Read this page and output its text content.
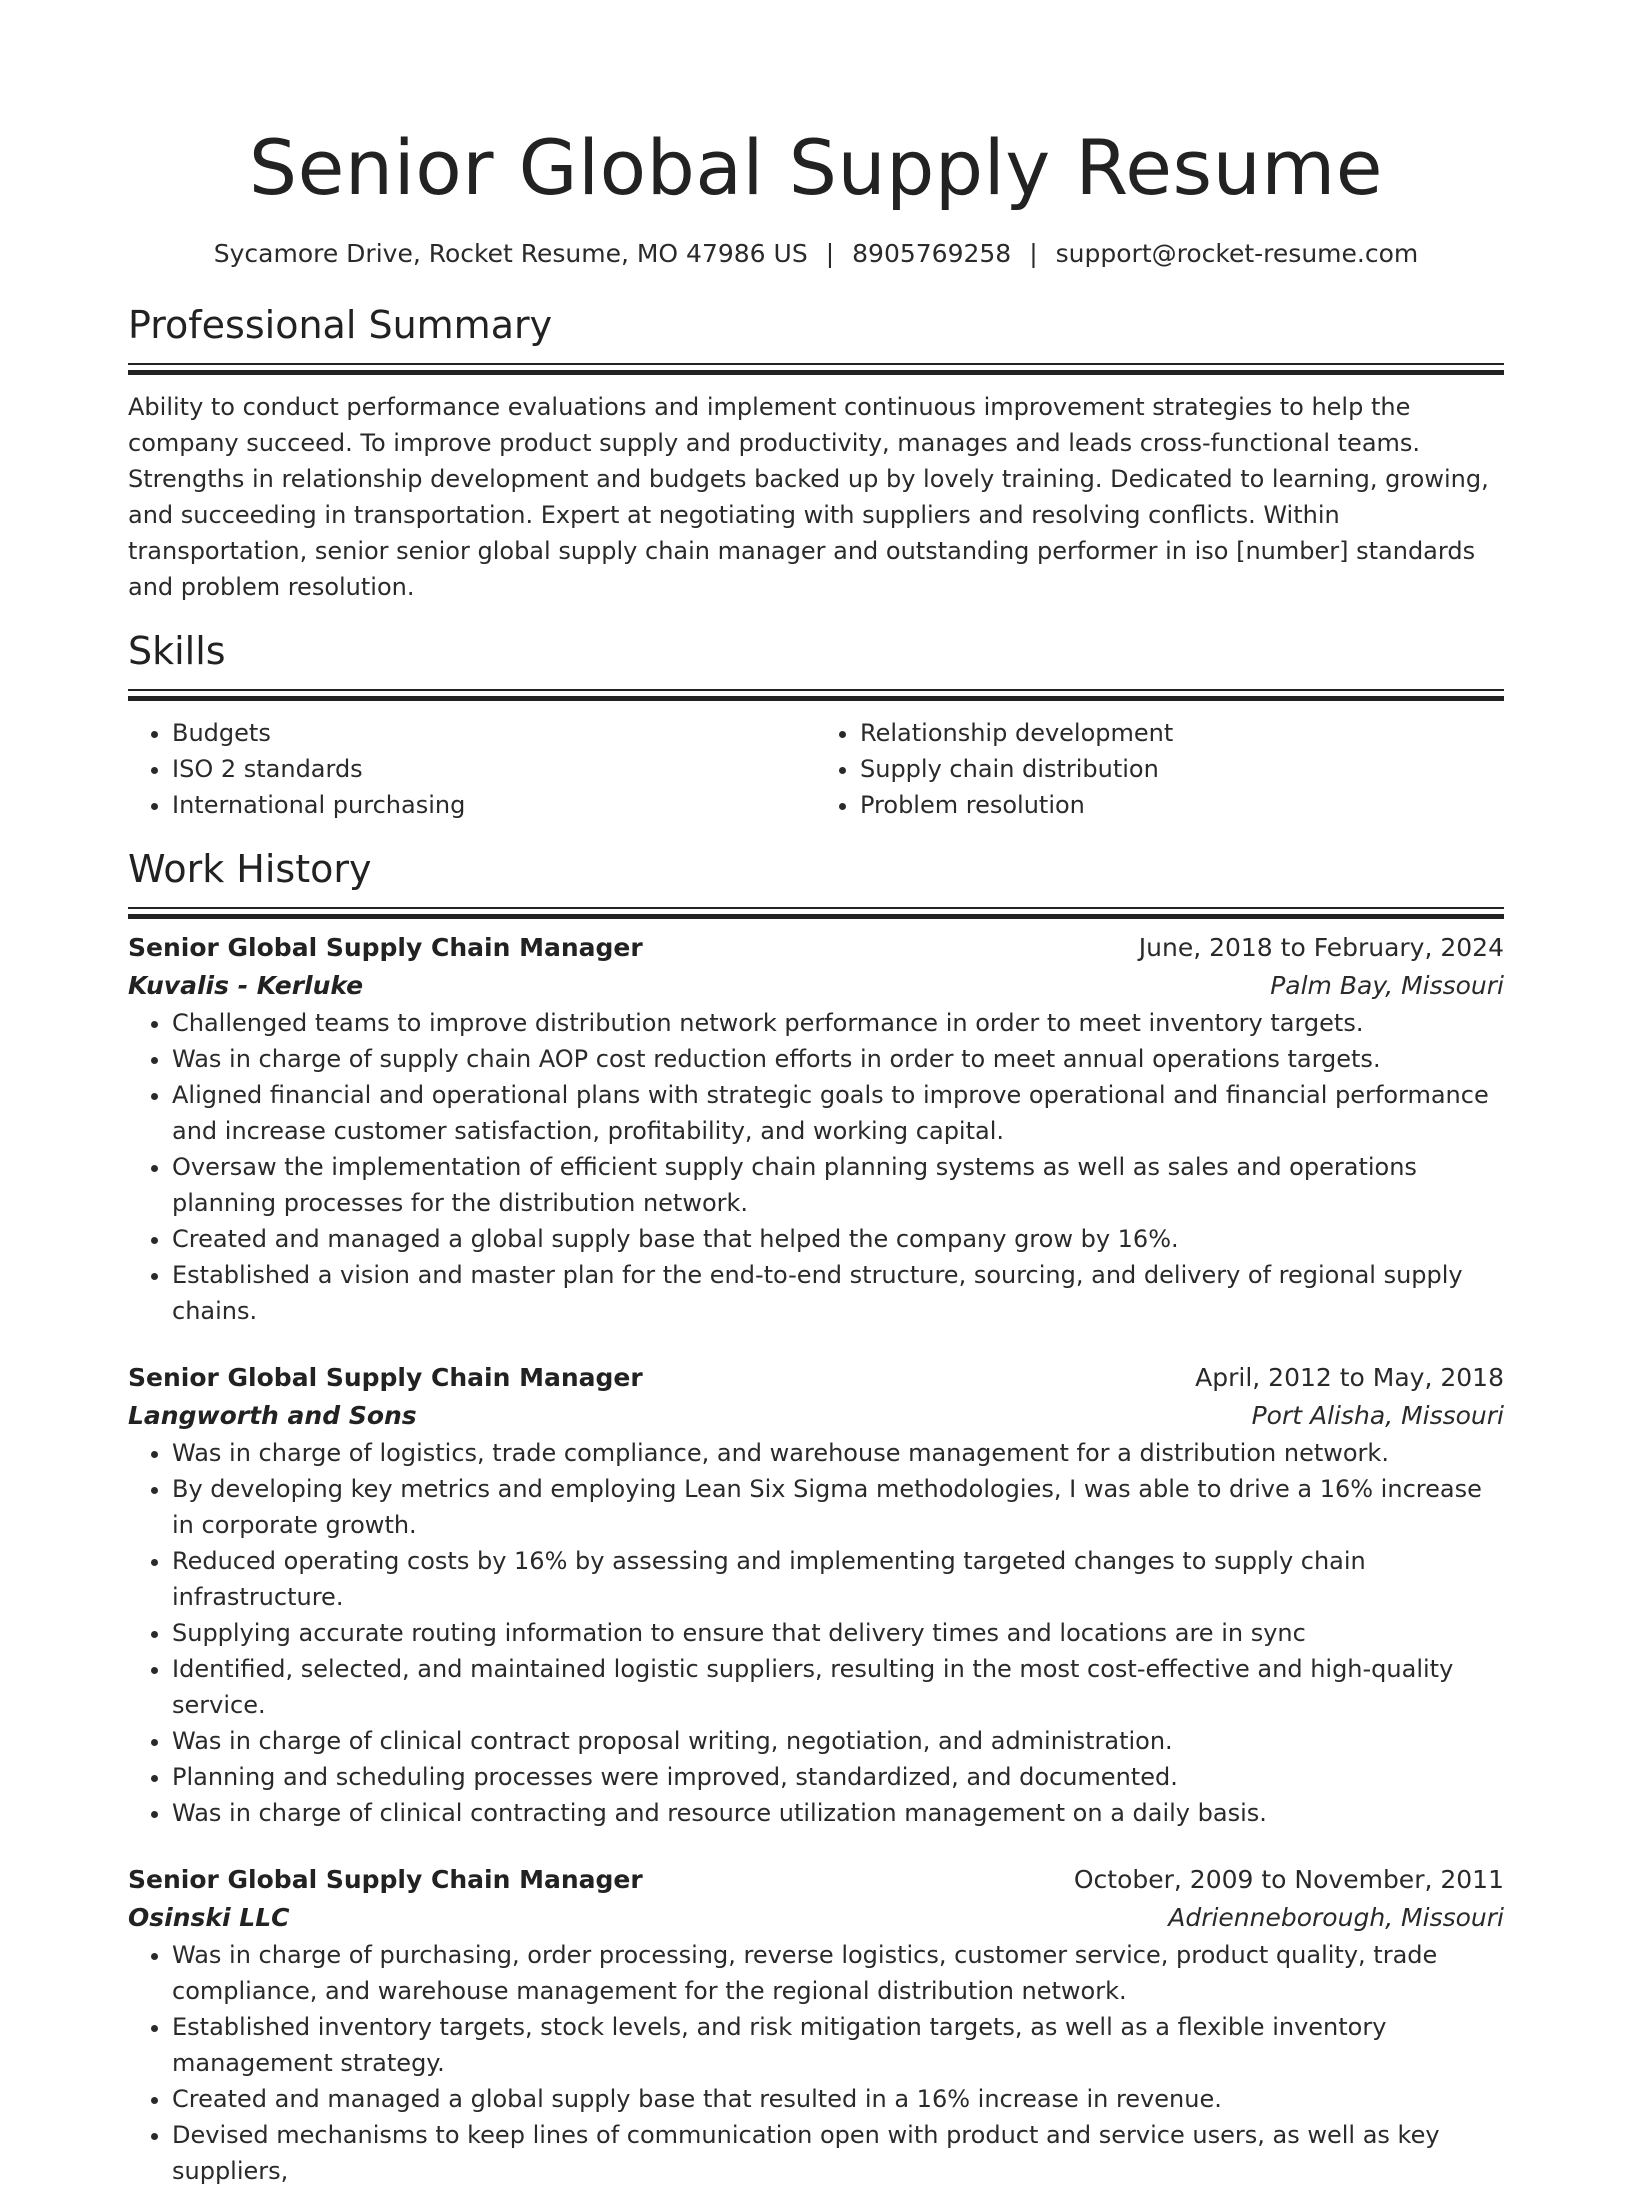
Senior Global Supply Resume
Sycamore Drive, Rocket Resume, MO 47986 US | 8905769258 | support@rocket-resume.com
Professional Summary

Ability to conduct performance evaluations and implement continuous improvement strategies to help the company succeed. To improve product supply and productivity, manages and leads cross-functional teams. Strengths in relationship development and budgets backed up by lovely training. Dedicated to learning, growing, and succeeding in transportation. Expert at negotiating with suppliers and resolving conflicts. Within transportation, senior senior global supply chain manager and outstanding performer in iso [number] standards and problem resolution.

Skills
• Budgets
• ISO 2 standards
• International purchasing
• Relationship development
• Supply chain distribution
• Problem resolution
Work History
Senior Global Supply Chain Manager	June, 2018 to February, 2024
Kuvalis - Kerluke	Palm Bay, Missouri
• Challenged teams to improve distribution network performance in order to meet inventory targets.
• Was in charge of supply chain AOP cost reduction efforts in order to meet annual operations targets.
• Aligned financial and operational plans with strategic goals to improve operational and financial performance and increase customer satisfaction, profitability, and working capital.
• Oversaw the implementation of efficient supply chain planning systems as well as sales and operations planning processes for the distribution network.
• Created and managed a global supply base that helped the company grow by 16%.
• Established a vision and master plan for the end-to-end structure, sourcing, and delivery of regional supply chains.
Senior Global Supply Chain Manager	April, 2012 to May, 2018
Langworth and Sons	Port Alisha, Missouri
• Was in charge of logistics, trade compliance, and warehouse management for a distribution network.
• By developing key metrics and employing Lean Six Sigma methodologies, I was able to drive a 16% increase in corporate growth.
• Reduced operating costs by 16% by assessing and implementing targeted changes to supply chain infrastructure.
• Supplying accurate routing information to ensure that delivery times and locations are in sync
• Identified, selected, and maintained logistic suppliers, resulting in the most cost-effective and high-quality service.
• Was in charge of clinical contract proposal writing, negotiation, and administration.
• Planning and scheduling processes were improved, standardized, and documented.
• Was in charge of clinical contracting and resource utilization management on a daily basis.
Senior Global Supply Chain Manager	October, 2009 to November, 2011
Osinski LLC	Adrienneborough, Missouri
• Was in charge of purchasing, order processing, reverse logistics, customer service, product quality, trade compliance, and warehouse management for the regional distribution network.
• Established inventory targets, stock levels, and risk mitigation targets, as well as a flexible inventory management strategy.
• Created and managed a global supply base that resulted in a 16% increase in revenue.
• Devised mechanisms to keep lines of communication open with product and service users, as well as key suppliers,
